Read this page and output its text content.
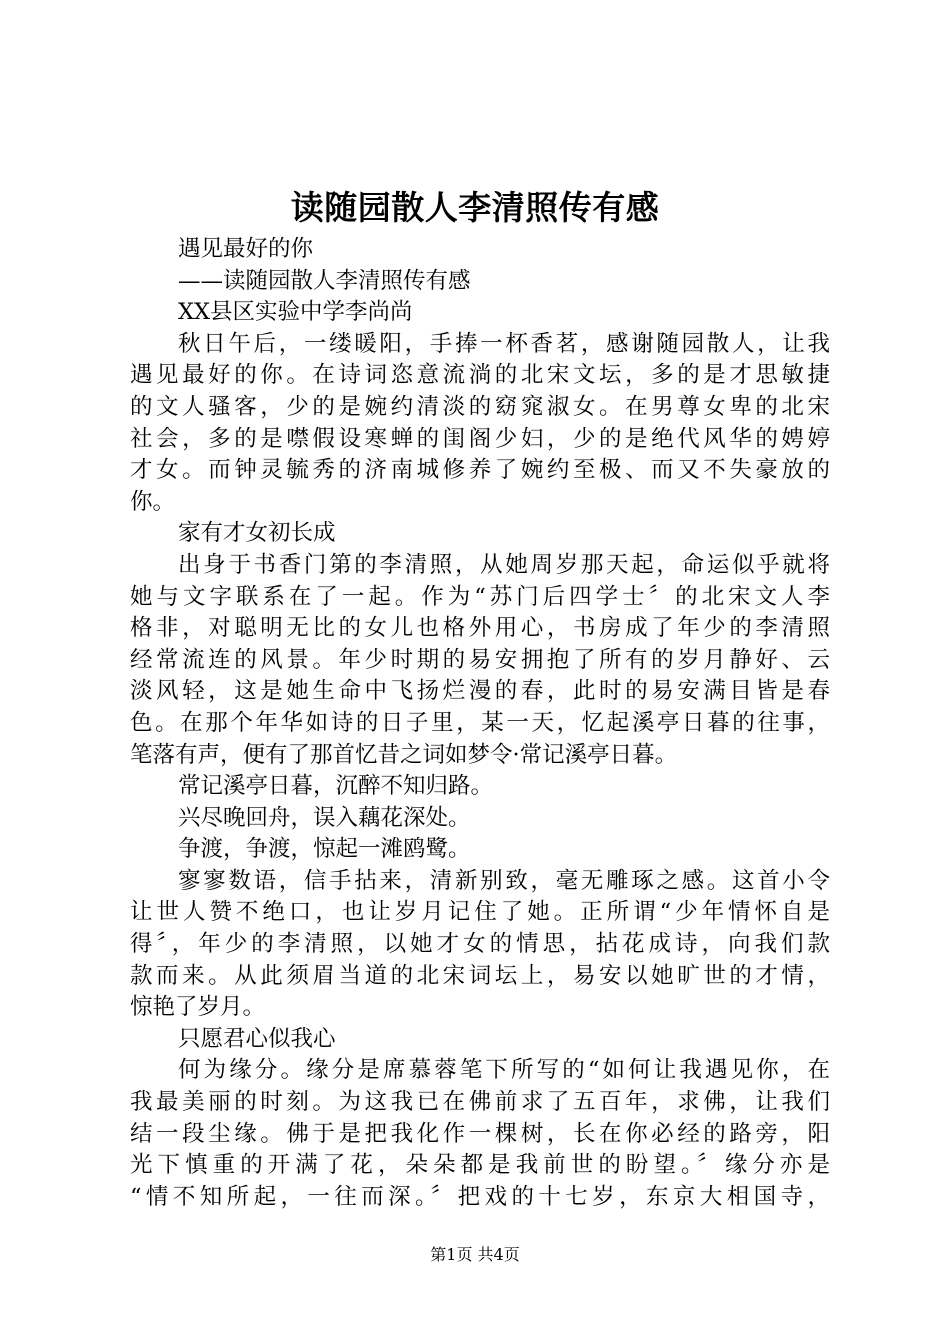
读随园散人李清照传有感
遇见最好的你
——读随园散人李清照传有感
XX县区实验中学李尚尚
秋日午后，一缕暖阳，手捧一杯香茗，感谢随园散人，让我
遇见最好的你。在诗词恣意流淌的北宋文坛，多的是才思敏捷
的文人骚客，少的是婉约清淡的窈窕淑女。在男尊女卑的北宋
社会，多的是噤假设寒蝉的闺阁少妇，少的是绝代风华的娉婷
才女。而钟灵毓秀的济南城修养了婉约至极、而又不失豪放的
你。
家有才女初长成
出身于书香门第的李清照，从她周岁那天起，命运似乎就将
她与文字联系在了一起。作为“苏门后四学士〞的北宋文人李
格非，对聪明无比的女儿也格外用心，书房成了年少的李清照
经常流连的风景。年少时期的易安拥抱了所有的岁月静好、云
淡风轻，这是她生命中飞扬烂漫的春，此时的易安满目皆是春
色。在那个年华如诗的日子里，某一天，忆起溪亭日暮的往事，
笔落有声，便有了那首忆昔之词如梦令·常记溪亭日暮。
常记溪亭日暮，沉醉不知归路。
兴尽晚回舟，误入藕花深处。
争渡，争渡，惊起一滩鸥鹭。
寥寥数语，信手拈来，清新别致，毫无雕琢之感。这首小令
让世人赞不绝口，也让岁月记住了她。正所谓“少年情怀自是
得〞，年少的李清照，以她才女的情思，拈花成诗，向我们款
款而来。从此须眉当道的北宋词坛上，易安以她旷世的才情，
惊艳了岁月。
只愿君心似我心
何为缘分。缘分是席慕蓉笔下所写的“如何让我遇见你，在
我最美丽的时刻。为这我已在佛前求了五百年，求佛，让我们
结一段尘缘。佛于是把我化作一棵树，长在你必经的路旁，阳
光下慎重的开满了花，朵朵都是我前世的盼望。〞缘分亦是
“情不知所起，一往而深。〞把戏的十七岁，东京大相国寺，
第1页 共4页
